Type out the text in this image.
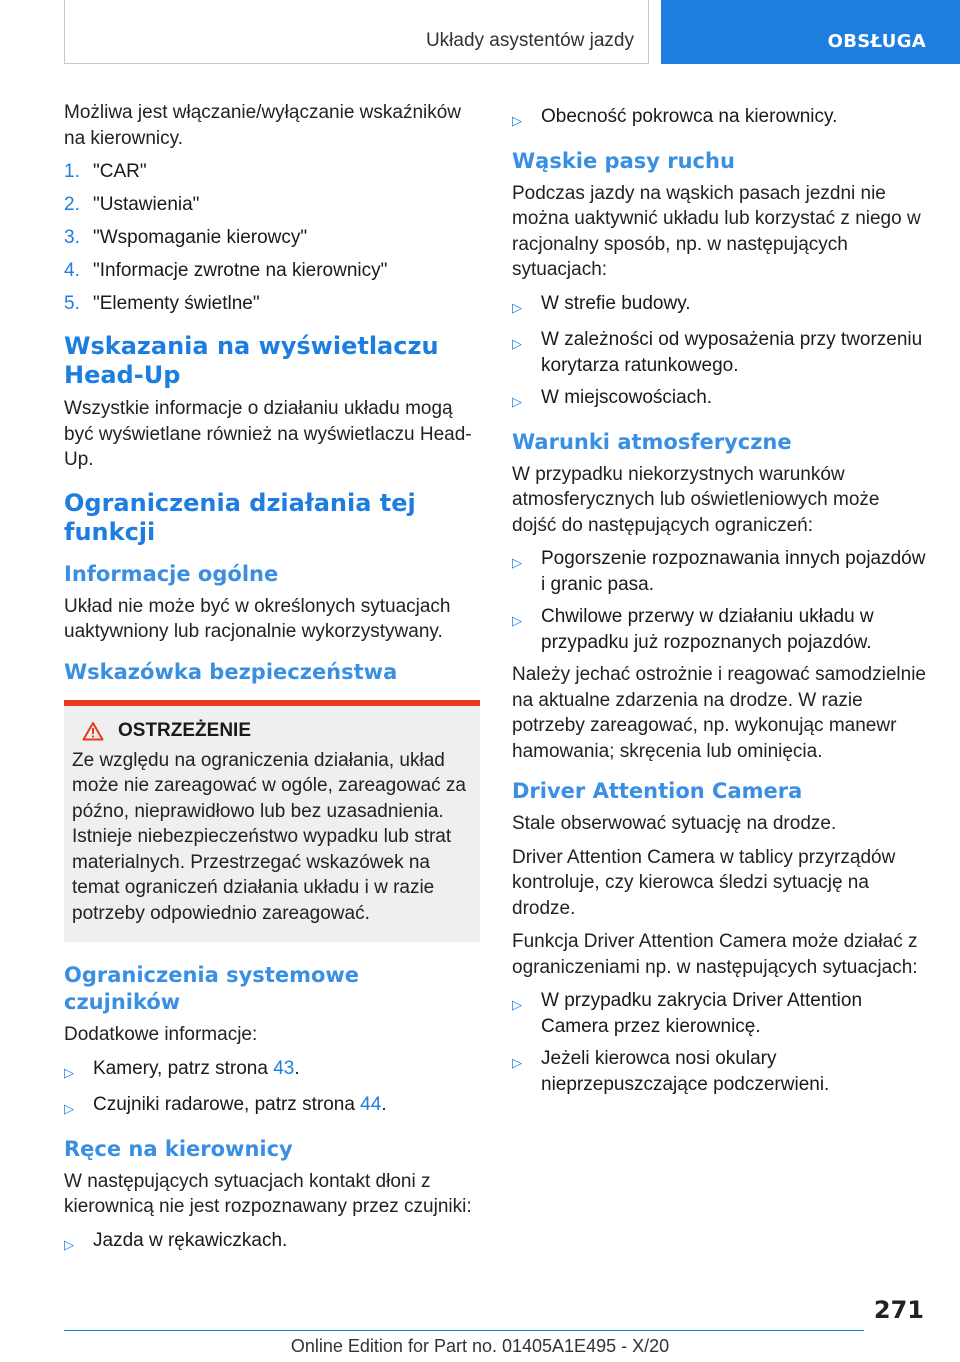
Układy asystentów jazdy	OBSŁUGA

Możliwa jest włączanie/wyłączanie wskaźników na kierownicy.

1. "CAR"
2. "Ustawienia"
3. "Wspomaganie kierowcy"
4. "Informacje zwrotne na kierownicy"
5. "Elementy świetlne"
Wskazania na wyświetlaczu
Head-Up

Wszystkie informacje o działaniu układu mogą być wyświetlane również na wyświetlaczu Head-Up.

Ograniczenia działania tej funkcji
Informacje ogólne

Układ nie może być w określonych sytuacjach uaktywniony lub racjonalnie wykorzystywany.

Wskazówka bezpieczeństwa
OSTRZEŻENIE

Ze względu na ograniczenia działania, układ może nie zareagować w ogóle, zareagować za późno, nieprawidłowo lub bez uzasadnienia. Istnieje niebezpieczeństwo wypadku lub strat materialnych. Przestrzegać wskazówek na temat ograniczeń działania układu i w razie potrzeby odpowiednio zareagować.

Ograniczenia systemowe czujników

Dodatkowe informacje:

▷	Kamery, patrz strona 43.
▷	Czujniki radarowe, patrz strona 44.
Ręce na kierownicy

W następujących sytuacjach kontakt dłoni z kierownicą nie jest rozpoznawany przez czujniki:

▷	Jazda w rękawiczkach.
▷	Obecność pokrowca na kierownicy.
Wąskie pasy ruchu

Podczas jazdy na wąskich pasach jezdni nie można uaktywnić układu lub korzystać z niego w racjonalny sposób, np. w następujących sytuacjach:

▷	W strefie budowy.
▷	W zależności od wyposażenia przy tworzeniu korytarza ratunkowego.
▷	W miejscowościach.
Warunki atmosferyczne

W przypadku niekorzystnych warunków atmosferycznych lub oświetleniowych może dojść do następujących ograniczeń:

▷	Pogorszenie rozpoznawania innych pojazdów i granic pasa.
▷	Chwilowe przerwy w działaniu układu w przypadku już rozpoznanych pojazdów.

Należy jechać ostrożnie i reagować samodzielnie na aktualne zdarzenia na drodze. W razie potrzeby zareagować, np. wykonując manewr hamowania; skręcenia lub ominięcia.

Driver Attention Camera

Stale obserwować sytuację na drodze.

Driver Attention Camera w tablicy przyrządów kontroluje, czy kierowca śledzi sytuację na drodze.

Funkcja Driver Attention Camera może działać z ograniczeniami np. w następujących sytuacjach:

▷	W przypadku zakrycia Driver Attention Camera przez kierownicę.
▷	Jeżeli kierowca nosi okulary nieprzepuszczające podczerwieni.
271
Online Edition for Part no. 01405A1E495 - X/20
